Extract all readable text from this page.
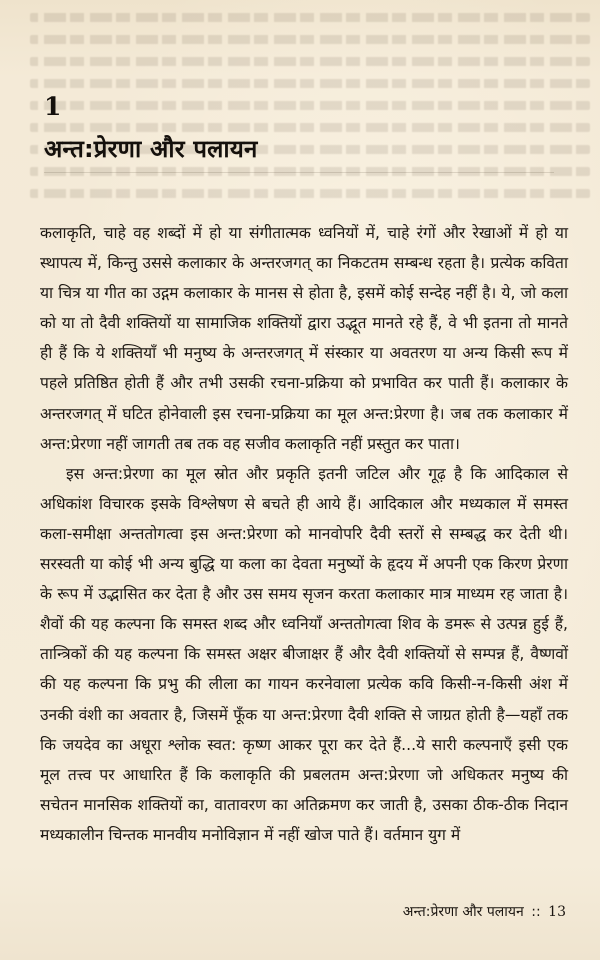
1
अन्त:प्रेरणा और पलायन

कलाकृति, चाहे वह शब्दों में हो या संगीतात्मक ध्वनियों में, चाहे रंगों और रेखाओं में हो या स्थापत्य में, किन्तु उससे कलाकार के अन्तरजगत् का निकटतम सम्बन्ध रहता है। प्रत्येक कविता या चित्र या गीत का उद्गम कलाकार के मानस से होता है, इसमें कोई सन्देह नहीं है। ये, जो कला को या तो दैवी शक्तियों या सामाजिक शक्तियों द्वारा उद्भूत मानते रहे हैं, वे भी इतना तो मानते ही हैं कि ये शक्तियाँ भी मनुष्य के अन्तरजगत् में संस्कार या अवतरण या अन्य किसी रूप में पहले प्रतिष्ठित होती हैं और तभी उसकी रचना-प्रक्रिया को प्रभावित कर पाती हैं। कलाकार के अन्तरजगत् में घटित होनेवाली इस रचना-प्रक्रिया का मूल अन्त:प्रेरणा है। जब तक कलाकार में अन्त:प्रेरणा नहीं जागती तब तक वह सजीव कलाकृति नहीं प्रस्तुत कर पाता।

इस अन्त:प्रेरणा का मूल स्रोत और प्रकृति इतनी जटिल और गूढ़ है कि आदिकाल से अधिकांश विचारक इसके विश्लेषण से बचते ही आये हैं। आदिकाल और मध्यकाल में समस्त कला-समीक्षा अन्ततोगत्वा इस अन्त:प्रेरणा को मानवोपरि दैवी स्तरों से सम्बद्ध कर देती थी। सरस्वती या कोई भी अन्य बुद्धि या कला का देवता मनुष्यों के हृदय में अपनी एक किरण प्रेरणा के रूप में उद्भासित कर देता है और उस समय सृजन करता कलाकार मात्र माध्यम रह जाता है। शैवों की यह कल्पना कि समस्त शब्द और ध्वनियाँ अन्ततोगत्वा शिव के डमरू से उत्पन्न हुई हैं, तान्त्रिकों की यह कल्पना कि समस्त अक्षर बीजाक्षर हैं और दैवी शक्तियों से सम्पन्न हैं, वैष्णवों की यह कल्पना कि प्रभु की लीला का गायन करनेवाला प्रत्येक कवि किसी-न-किसी अंश में उनकी वंशी का अवतार है, जिसमें फूँक या अन्त:प्रेरणा दैवी शक्ति से जाग्रत होती है—यहाँ तक कि जयदेव का अधूरा श्लोक स्वत: कृष्ण आकर पूरा कर देते हैं...ये सारी कल्पनाएँ इसी एक मूल तत्त्व पर आधारित हैं कि कलाकृति की प्रबलतम अन्त:प्रेरणा जो अधिकतर मनुष्य की सचेतन मानसिक शक्तियों का, वातावरण का अतिक्रमण कर जाती है, उसका ठीक-ठीक निदान मध्यकालीन चिन्तक मानवीय मनोविज्ञान में नहीं खोज पाते हैं। वर्तमान युग में

अन्त:प्रेरणा और पलायन :: 13
